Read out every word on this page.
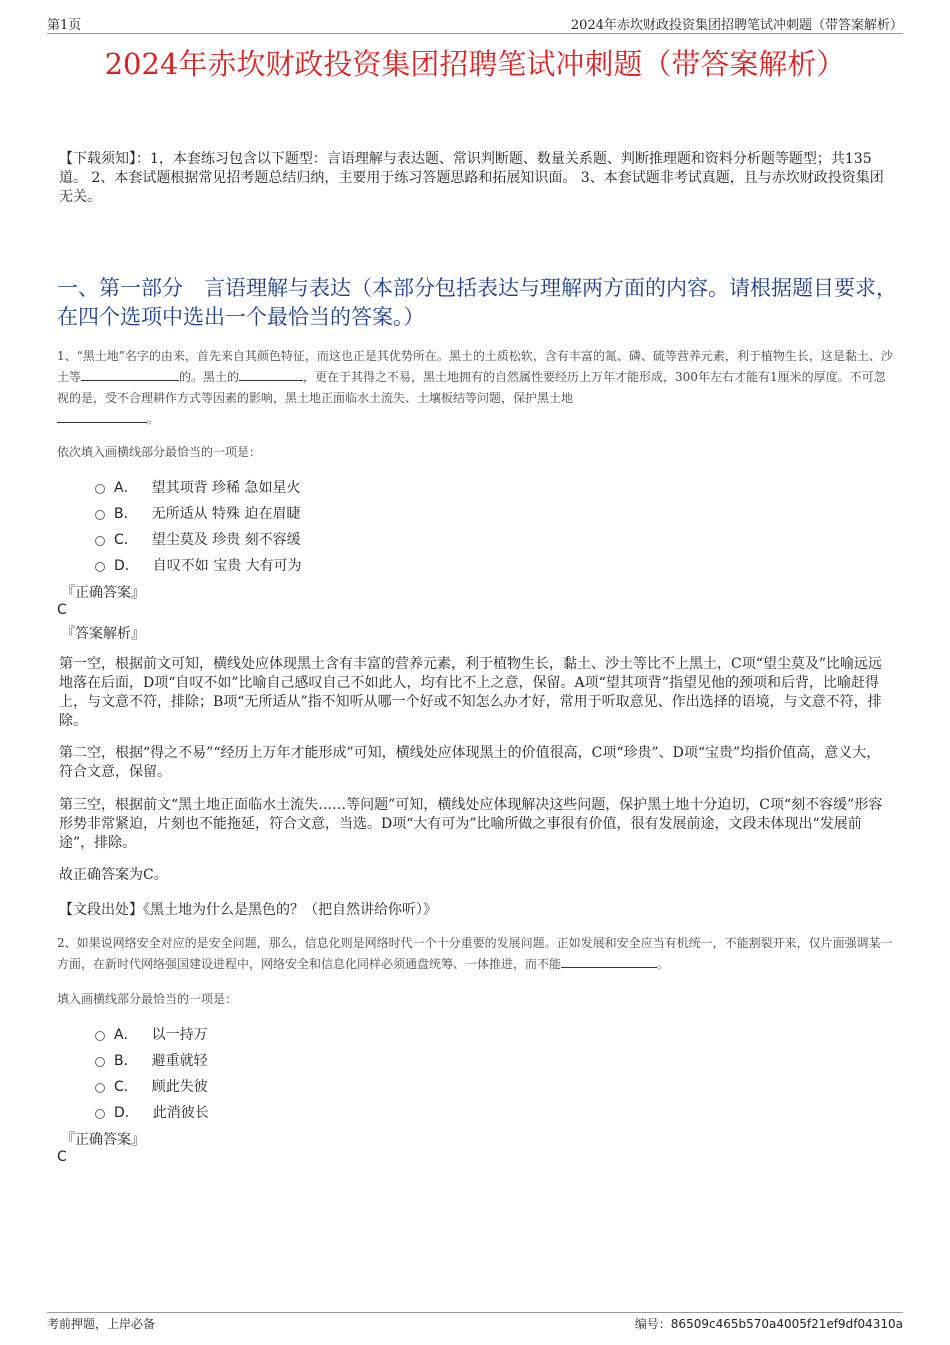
第1页	2024年赤坎财政投资集团招聘笔试冲刺题（带答案解析）
2024年赤坎财政投资集团招聘笔试冲刺题（带答案解析）
【下载须知】：1，本套练习包含以下题型：言语理解与表达题、常识判断题、数量关系题、判断推理题和资料分析题等题型；共135道。 2、本套试题根据常见招考题总结归纳，主要用于练习答题思路和拓展知识面。 3、本套试题非考试真题，且与赤坎财政投资集团无关。
一、第一部分　言语理解与表达（本部分包括表达与理解两方面的内容。请根据题目要求，在四个选项中选出一个最恰当的答案。）
1、“黑土地”名字的由来，首先来自其颜色特征，而这也正是其优势所在。黑土的土质松软，含有丰富的氮、磷、硫等营养元素，利于植物生长，这是黏土、沙土等	的。黑土的	，更在于其得之不易，黑土地拥有的自然属性要经历上万年才能形成，300年左右才能有1厘米的厚度。不可忽视的是，受不合理耕作方式等因素的影响，黑土地正面临水土流失、土壤板结等问题，保护黑土地
。
依次填入画横线部分最恰当的一项是：
A． 望其项背 珍稀 急如星火
B． 无所适从 特殊 迫在眉睫
C． 望尘莫及 珍贵 刻不容缓
D． 自叹不如 宝贵 大有可为
『正确答案』
C
『答案解析』
第一空，根据前文可知，横线处应体现黑土含有丰富的营养元素，利于植物生长，黏土、沙土等比不上黑土，C项“望尘莫及”比喻远远地落在后面，D项“自叹不如”比喻自己感叹自己不如此人，均有比不上之意，保留。A项“望其项背”指望见他的颈项和后背，比喻赶得上，与文意不符，排除；B项“无所适从”指不知听从哪一个好或不知怎么办才好，常用于听取意见、作出选择的语境，与文意不符，排除。
第二空，根据“得之不易”“经历上万年才能形成”可知，横线处应体现黑土的价值很高，C项“珍贵”、D项“宝贵”均指价值高，意义大，符合文意，保留。
第三空，根据前文“黑土地正面临水土流失……等问题”可知，横线处应体现解决这些问题，保护黑土地十分迫切，C项“刻不容缓”形容形势非常紧迫，片刻也不能拖延，符合文意，当选。D项“大有可为”比喻所做之事很有价值，很有发展前途，文段未体现出“发展前途”，排除。
故正确答案为C。
【文段出处】《黑土地为什么是黑色的？（把自然讲给你听）》
2、如果说网络安全对应的是安全问题，那么，信息化则是网络时代一个十分重要的发展问题。正如发展和安全应当有机统一，不能割裂开来，仅片面强调某一方面，在新时代网络强国建设进程中，网络安全和信息化同样必须通盘统筹、一体推进，而不能	。
填入画横线部分最恰当的一项是：
A． 以一持万
B． 避重就轻
C． 顾此失彼
D． 此消彼长
『正确答案』
C
考前押题，上岸必备	编号：86509c465b570a4005f21ef9df04310a
